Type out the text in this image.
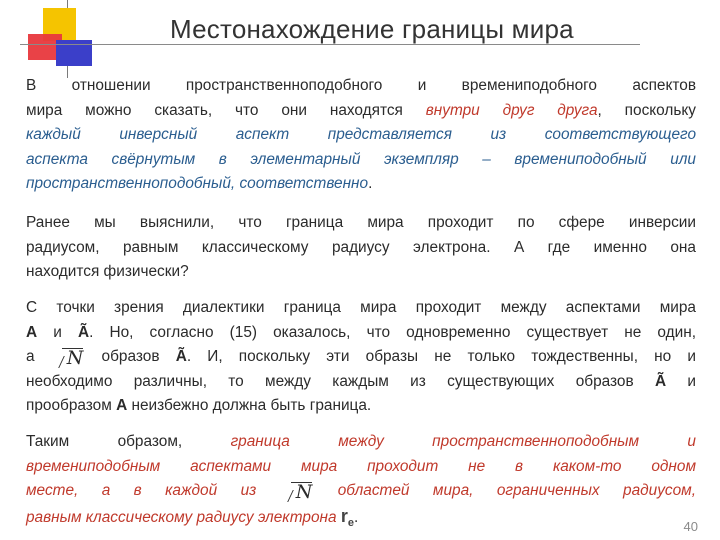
Местонахождение границы мира
В отношении пространственноподобного и времениподобного аспектов
мира можно сказать, что они находятся внутри друг друга, поскольку
каждый инверсный аспект представляется из соответствующего
аспекта свёрнутым в элементарный экземпляр – времениподобный или
пространственноподобный, соответственно.
Ранее мы выяснили, что граница мира проходит по сфере инверсии
радиусом, равным классическому радиусу электрона. А где именно она
находится физически?
С точки зрения диалектики граница мира проходит между аспектами мира
A и Ã. Но, согласно (15) оказалось, что одновременно существует не один,
а N образов Ã. И, поскольку эти образы не только тождественны, но и
необходимо различны, то между каждым из существующих образов Ã и
прообразом A неизбежно должна быть граница.
Таким образом, граница между пространственноподобным и
времениподобным аспектами мира проходит не в каком-то одном
месте, а в каждой из N областей мира, ограниченных радиусом,
равным классическому радиусу электрона $r_e$.
40
